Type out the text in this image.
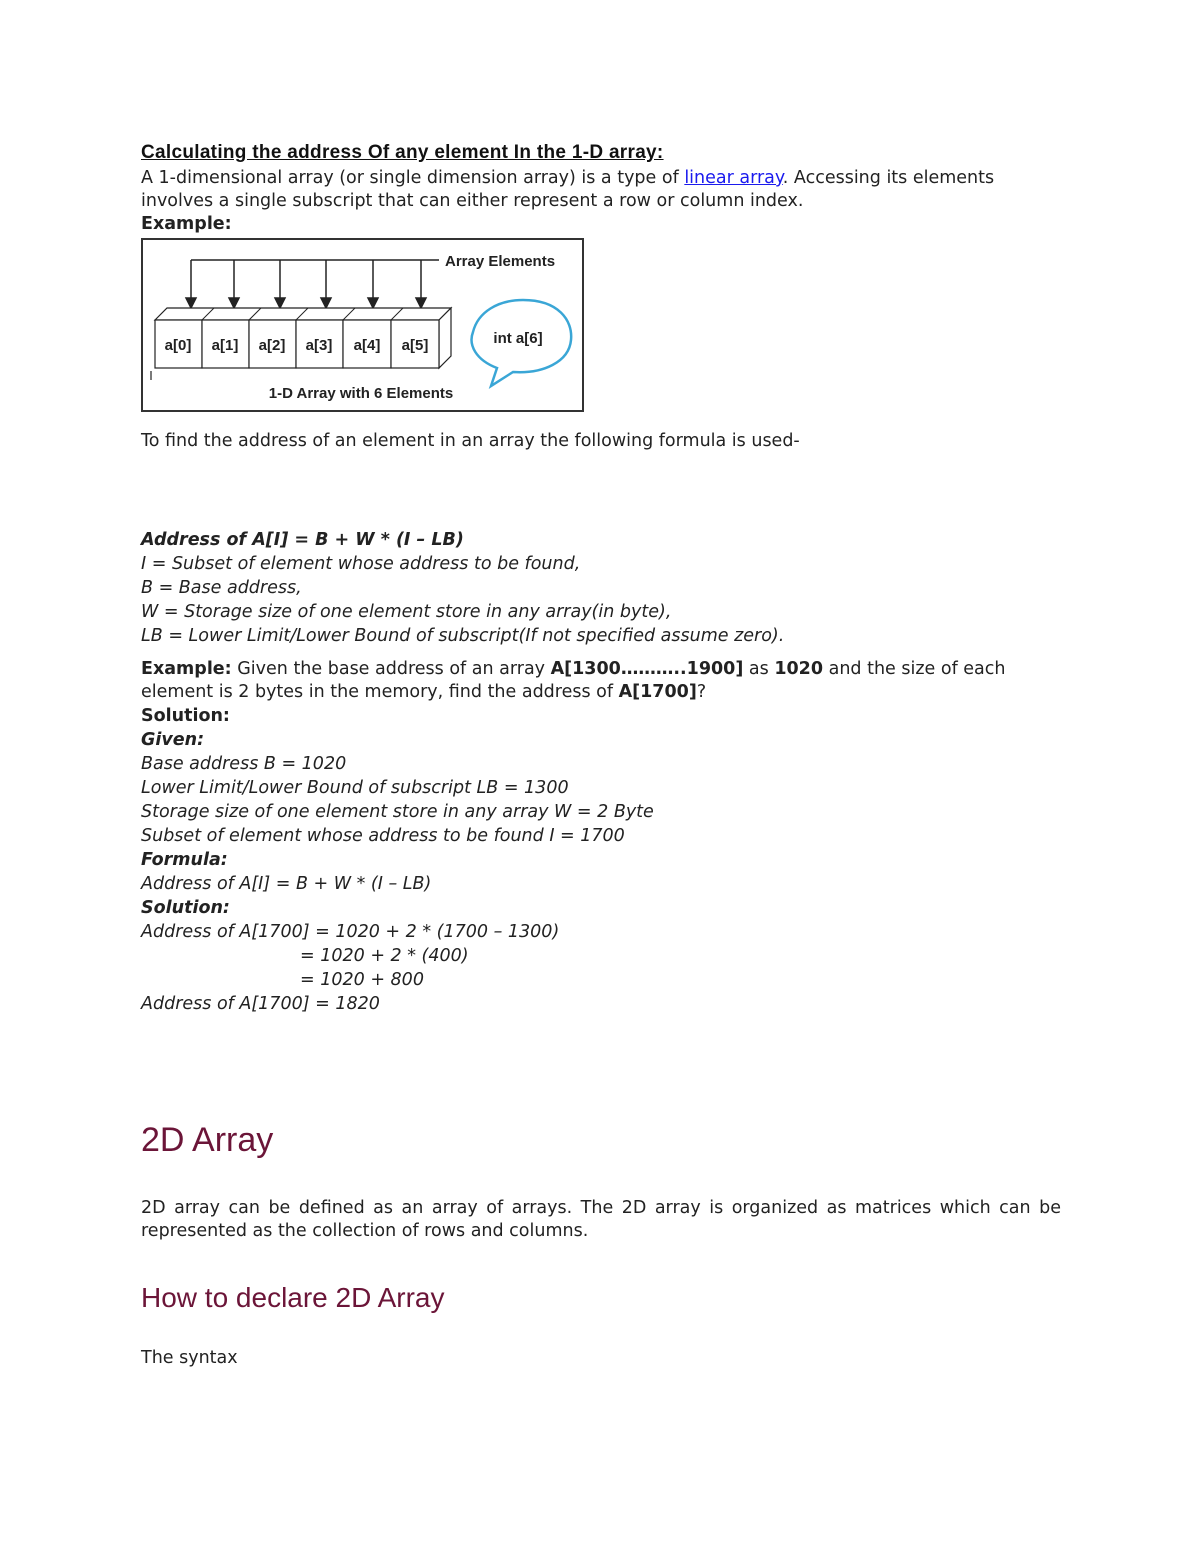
Calculating the address Of any element In the 1-D array:

A 1-dimensional array (or single dimension array) is a type of linear array. Accessing its elements involves a single subscript that can either represent a row or column index.

Example:

Array Elements
a[0] a[1] a[2] a[3] a[4] a[5]	int a[6]
1-D Array with 6 Elements

To find the address of an element in an array the following formula is used-

Address of A[I] = B + W * (I – LB)

I = Subset of element whose address to be found,

B = Base address,

W = Storage size of one element store in any array(in byte),

LB = Lower Limit/Lower Bound of subscript(If not specified assume zero).

Example: Given the base address of an array A[1300………..1900] as 1020 and the size of each element is 2 bytes in the memory, find the address of A[1700]?

Solution:

Given:

Base address B = 1020

Lower Limit/Lower Bound of subscript LB = 1300

Storage size of one element store in any array W = 2 Byte

Subset of element whose address to be found I = 1700

Formula:

Address of A[I] = B + W * (I – LB)

Solution:

Address of A[1700] = 1020 + 2 * (1700 – 1300)

= 1020 + 2 * (400)

= 1020 + 800

Address of A[1700] = 1820

2D Array

2D array can be defined as an array of arrays. The 2D array is organized as matrices which can be represented as the collection of rows and columns.

How to declare 2D Array

The syntax
